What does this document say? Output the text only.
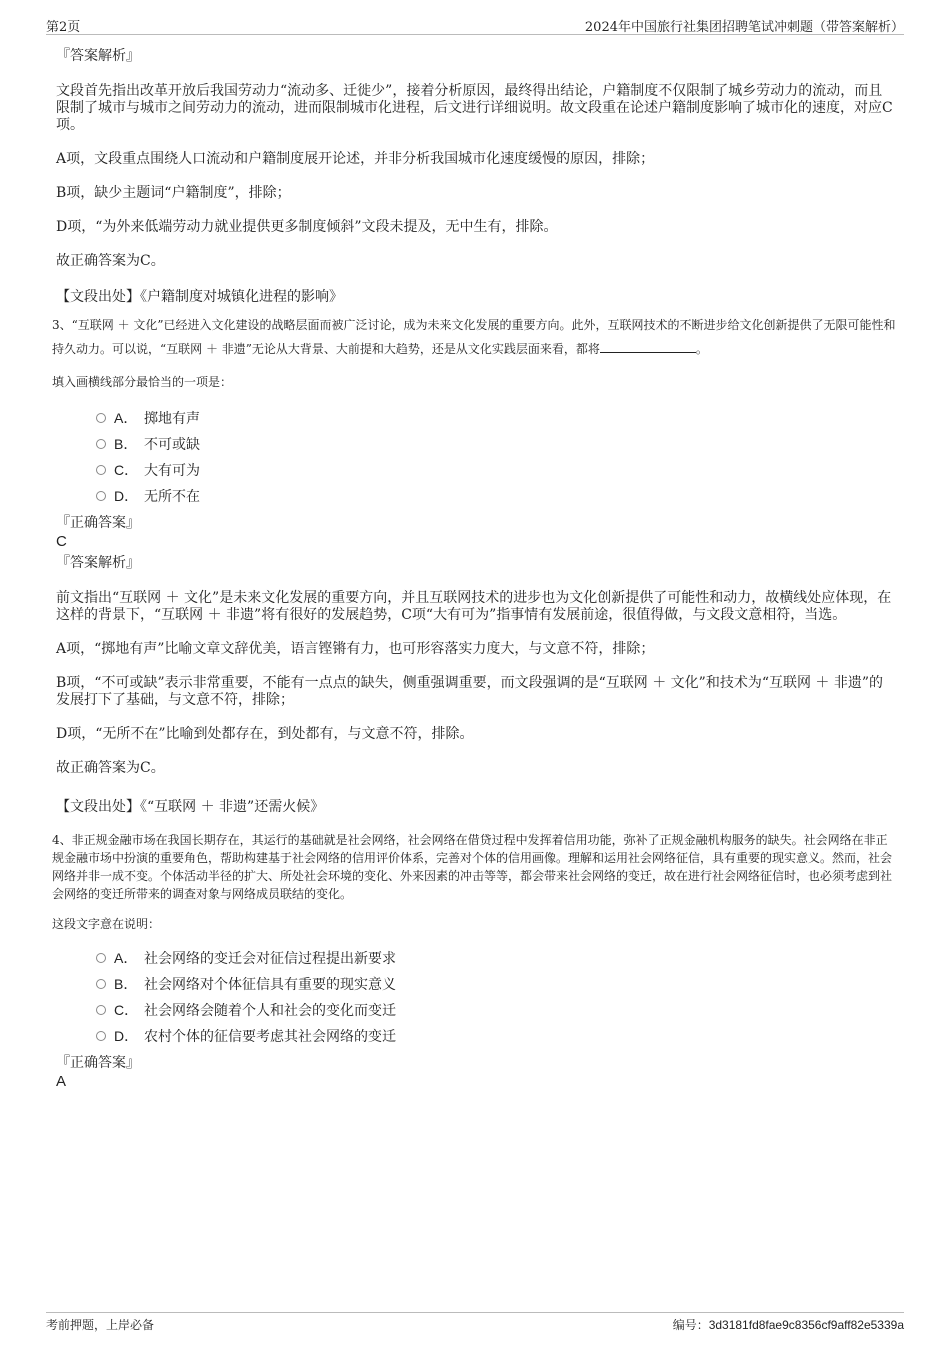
第2页	2024年中国旅行社集团招聘笔试冲刺题（带答案解析）

『答案解析』

文段首先指出改革开放后我国劳动力“流动多、迁徙少”，接着分析原因，最终得出结论，户籍制度不仅限制了城乡劳动力的流动，而且限制了城市与城市之间劳动力的流动，进而限制城市化进程，后文进行详细说明。故文段重在论述户籍制度影响了城市化的速度，对应C项。

A项，文段重点围绕人口流动和户籍制度展开论述，并非分析我国城市化速度缓慢的原因，排除；

B项，缺少主题词“户籍制度”，排除；

D项，“为外来低端劳动力就业提供更多制度倾斜”文段未提及，无中生有，排除。

故正确答案为C。

【文段出处】《户籍制度对城镇化进程的影响》

3、“互联网 ＋ 文化”已经进入文化建设的战略层面而被广泛讨论，成为未来文化发展的重要方向。此外，互联网技术的不断进步给文化创新提供了无限可能性和持久动力。可以说，“互联网 ＋ 非遗”无论从大背景、大前提和大趋势，还是从文化实践层面来看，都将	。

填入画横线部分最恰当的一项是：

A． 掷地有声
B． 不可或缺
C． 大有可为
D． 无所不在

『正确答案』

C

『答案解析』

前文指出“互联网 ＋ 文化”是未来文化发展的重要方向，并且互联网技术的进步也为文化创新提供了可能性和动力，故横线处应体现，在这样的背景下，“互联网 ＋ 非遗”将有很好的发展趋势，C项“大有可为”指事情有发展前途，很值得做，与文段文意相符，当选。

A项，“掷地有声”比喻文章文辞优美，语言铿锵有力，也可形容落实力度大，与文意不符，排除；

B项，“不可或缺”表示非常重要，不能有一点点的缺失，侧重强调重要，而文段强调的是“互联网 ＋ 文化”和技术为“互联网 ＋ 非遗”的发展打下了基础，与文意不符，排除；

D项，“无所不在”比喻到处都存在，到处都有，与文意不符，排除。

故正确答案为C。

【文段出处】《“互联网 ＋ 非遗”还需火候》

4、非正规金融市场在我国长期存在，其运行的基础就是社会网络，社会网络在借贷过程中发挥着信用功能，弥补了正规金融机构服务的缺失。社会网络在非正规金融市场中扮演的重要角色，帮助构建基于社会网络的信用评价体系，完善对个体的信用画像。理解和运用社会网络征信，具有重要的现实意义。然而，社会网络并非一成不变。个体活动半径的扩大、所处社会环境的变化、外来因素的冲击等等，都会带来社会网络的变迁，故在进行社会网络征信时，也必须考虑到社会网络的变迁所带来的调查对象与网络成员联结的变化。

这段文字意在说明：

A． 社会网络的变迁会对征信过程提出新要求
B． 社会网络对个体征信具有重要的现实意义
C． 社会网络会随着个人和社会的变化而变迁
D． 农村个体的征信要考虑其社会网络的变迁

『正确答案』

A

考前押题，上岸必备	编号：3d3181fd8fae9c8356cf9aff82e5339a
